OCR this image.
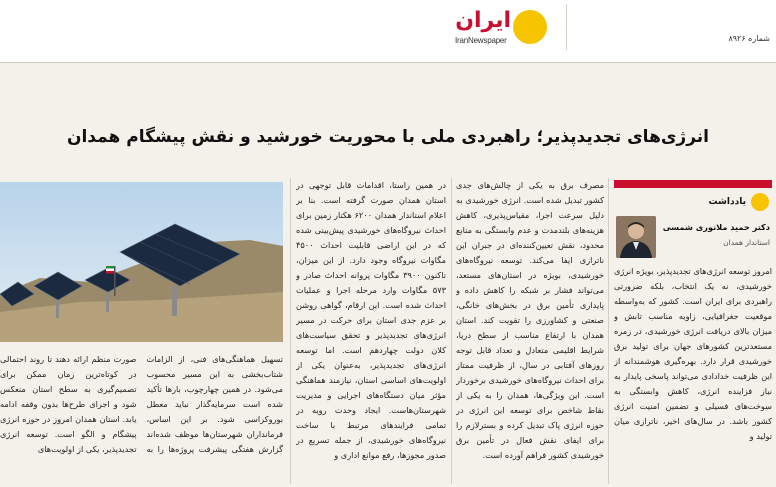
ایران
IranNewspaper	شماره ۸۹۲۶
انرژی‌های تجدیدپذیر؛ راهبردی ملی با محوریت خورشید و نقش پیشگام همدان
یادداشت
دکتر حمید ملانوری شمسی
استاندار همدان

امروز توسعه انرژی‌های تجدیدپذیر، بویژه انرژی خورشیدی، نه یک انتخاب، بلکه ضرورتی راهبردی برای ایران است. کشور که به‌واسطه موقعیت جغرافیایی، زاویه مناسب تابش و میزان بالای دریافت انرژی خورشیدی، در زمره مستعدترین کشورهای جهان برای تولید برق خورشیدی قرار دارد. بهره‌گیری هوشمندانه از این ظرفیت خدادادی می‌تواند پاسخی پایدار به نیاز فزاینده انرژی، کاهش وابستگی به سوخت‌های فسیلی و تضمین امنیت انرژی کشور باشد. در سال‌های اخیر، ناترازی میان تولید و

مصرف برق به یکی از چالش‌های جدی کشور تبدیل شده است. انرژی خورشیدی به دلیل سرعت اجرا، مقیاس‌پذیری، کاهش هزینه‌های بلندمدت و عدم وابستگی به منابع محدود، نقش تعیین‌کننده‌ای در جبران این ناترازی ایفا می‌کند. توسعه نیروگاه‌های خورشیدی، بویژه در استان‌های مستعد، می‌تواند فشار بر شبکه را کاهش داده و پایداری تأمین برق در بخش‌های خانگی، صنعتی و کشاورزی را تقویت کند. استان همدان با ارتفاع مناسب از سطح دریا، شرایط اقلیمی متعادل و تعداد قابل توجه روزهای آفتابی در سال، از ظرفیت ممتاز برای احداث نیروگاه‌های خورشیدی برخوردار است. این ویژگی‌ها، همدان را به یکی از نقاط شاخص برای توسعه این انرژی در حوزه انرژی پاک تبدیل کرده و بسترلازم را برای ایفای نقش فعال در تأمین برق خورشیدی کشور فراهم آورده است.

در همین راستا، اقدامات قابل توجهی در استان همدان صورت گرفته است. بنا بر اعلام استاندار همدان ۶۲۰۰ هکتار زمین برای احداث نیروگاه‌های خورشیدی پیش‌بینی شده که در این اراضی قابلیت احداث ۴۵۰۰ مگاوات نیروگاه وجود دارد. از این میزان، تاکنون ۳۹۰۰ مگاوات پروانه احداث صادر و ۵۷۳ مگاوات وارد مرحله اجرا و عملیات احداث شده است. این ارقام، گواهی روشن بر عزم جدی استان برای حرکت در مسیر انرژی‌های تجدیدپذیر و تحقق سیاست‌های کلان دولت چهاردهم است. اما توسعه انرژی‌های تجدیدپذیر، به‌عنوان یکی از اولویت‌های اساسی استان، نیازمند هماهنگی مؤثر میان دستگاه‌های اجرایی و مدیریت شهرستان‌هاست. ایجاد وحدت رویه در تمامی فرایندهای مرتبط با ساخت نیروگاه‌های خورشیدی، از جمله تسریع در صدور مجوزها، رفع موانع اداری و

تسهیل هماهنگی‌های فنی، از الزامات شتاب‌بخشی به این مسیر محسوب می‌شود. در همین چهارچوب، بارها تأکید شده است سرمایه‌گذار نباید معطل بوروکراسی شود. بر این اساس، فرمانداران شهرستان‌ها موظف شده‌اند گزارش هفتگی پیشرفت پروژه‌ها را به صورت منظم ارائه دهند تا روند احتمالی در کوتاه‌ترین زمان ممکن برای تصمیم‌گیری به سطح استان منعکس شود و اجرای طرح‌ها بدون وقفه ادامه یابد. استان همدان امروز در حوزه انرژی پیشگام و الگو است. توسعه انرژی تجدیدپذیر، یکی از اولویت‌های
